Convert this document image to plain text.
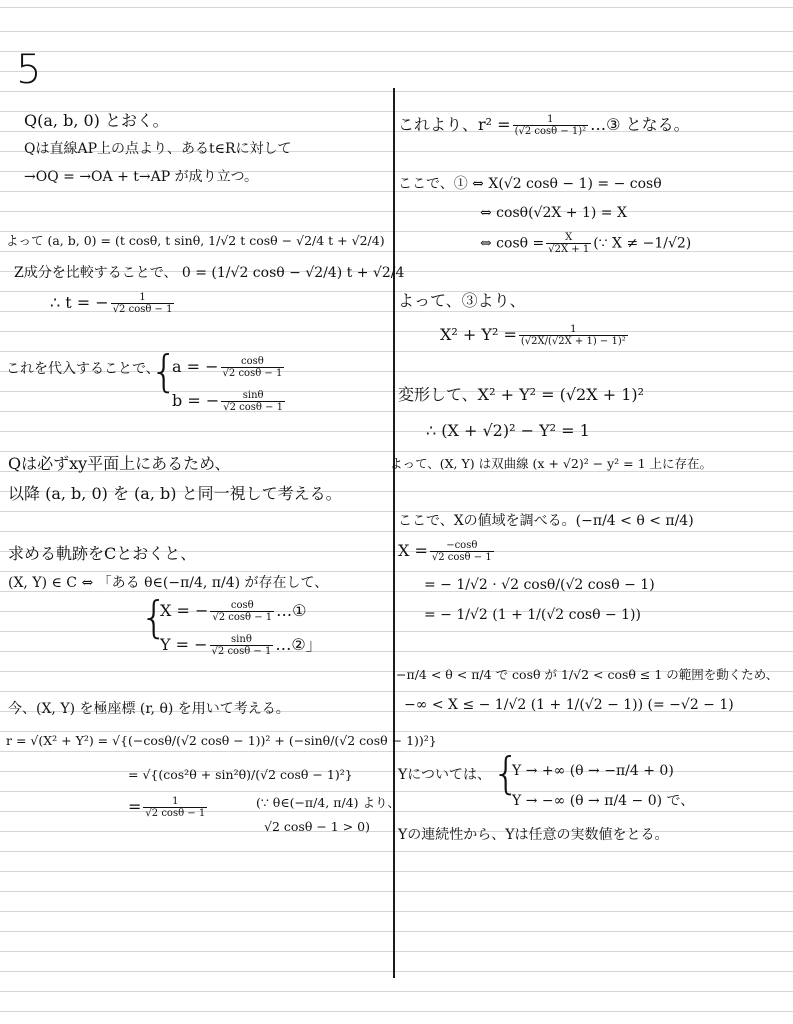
5
Q(a, b, 0) とおく。
Qは直線AP上の点より、あるt∈Rに対して
→OQ = →OA + t→AP が成り立つ。
よって (a, b, 0) = (t cosθ, t sinθ, 1/√2 t cosθ − √2/4 t + √2/4)
Z成分を比較することで、 0 = (1/√2 cosθ − √2/4) t + √2/4
∴ t = − $\frac{1}{√2 \cos\theta - 1}$
これを代入することで、
{
a = − $\frac{\cos\theta}{√2 \cos\theta - 1}$
b = − $\frac{\sin\theta}{√2 \cos\theta - 1}$
Qは必ずxy平面上にあるため、
以降 (a, b, 0) を (a, b) と同一視して考える。
求める軌跡をCとおくと、
(X, Y) ∈ C ⇔ 「ある θ∈(−π/4, π/4) が存在して、
{
X = − $\frac{\cos\theta}{√2 \cos\theta - 1}$ …①
Y = − $\frac{\sin\theta}{√2 \cos\theta - 1}$ …②」
今、(X, Y) を極座標 (r, θ) を用いて考える。
r = √(X² + Y²) = √{(−cosθ/(√2 cosθ − 1))² + (−sinθ/(√2 cosθ − 1))²}
= √{(cos²θ + sin²θ)/(√2 cosθ − 1)²}
= $\frac{1}{√2 \cos\theta - 1}$	(∵ θ∈(−π/4, π/4) より、
√2 cosθ − 1 > 0)
これより、$r^2 = \frac{1}{\text{(√2 cosθ − 1)²}}$ …③ となる。
ここで、① ⇔ X(√2 cosθ − 1) = − cosθ
⇔ cosθ(√2X + 1) = X
⇔ $\cos\theta = \frac{X}{√2X + 1}$ (∵ X ≠ −1/√2)
よって、③より、
$X^2 + Y^2 = \frac{1}{\text{(√2X/(√2X + 1) − 1)²}}$
変形して、X² + Y² = (√2X + 1)²
∴ (X + √2)² − Y² = 1
よって、(X, Y) は双曲線 (x + √2)² − y² = 1 上に存在。
ここで、Xの値域を調べる。(−π/4 < θ < π/4)
$X = \frac{-\cos\theta}{√2 \cos\theta - 1}$
= − 1/√2 · √2 cosθ/(√2 cosθ − 1)
= − 1/√2 (1 + 1/(√2 cosθ − 1))
−π/4 < θ < π/4 で cosθ が 1/√2 < cosθ ≤ 1 の範囲を動くため、
−∞ < X ≤ − 1/√2 (1 + 1/(√2 − 1)) (= −√2 − 1)
Yについては、 {
Y → +∞ (θ → −π/4 + 0)
Y → −∞ (θ → π/4 − 0) で、
Yの連続性から、Yは任意の実数値をとる。
